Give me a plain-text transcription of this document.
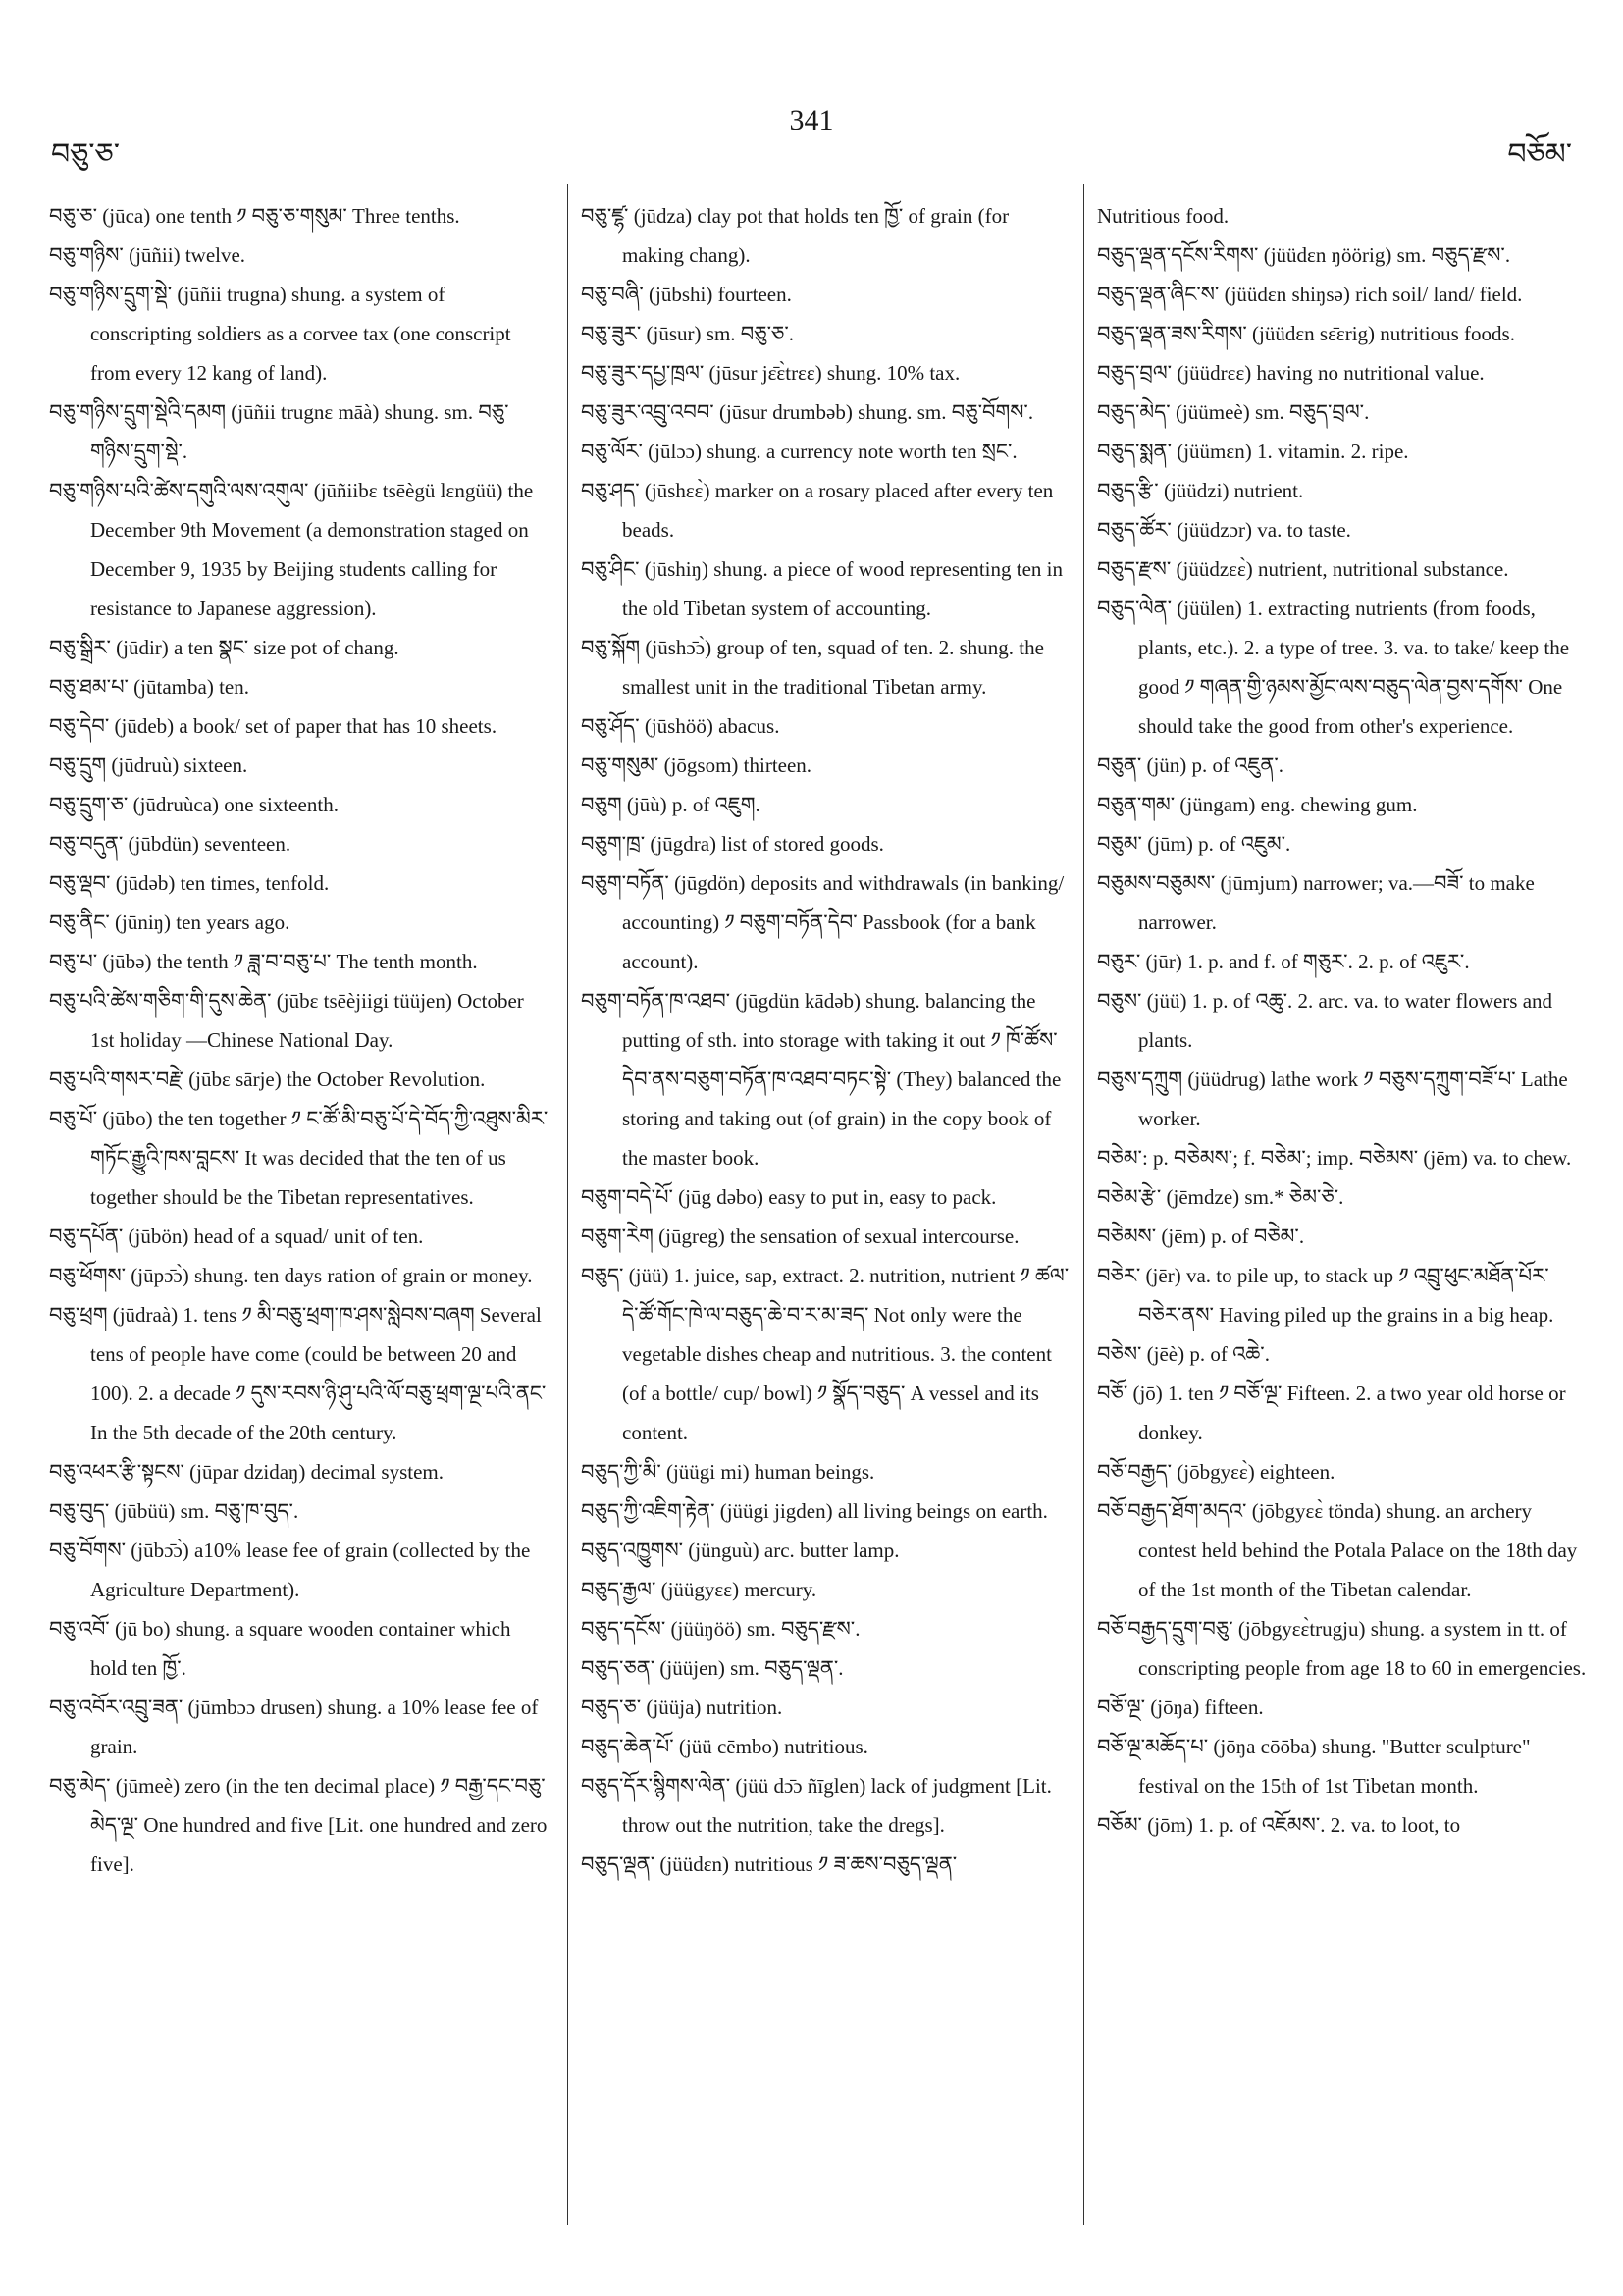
བཅུ་ཅ་
341
བཅོམ་
བཅུ་ཅ་ (jūca) one tenth ༡ བཅུ་ཅ་གསུམ་ Three tenths.
བཅུ་གཉིས་ (jūñii) twelve.
བཅུ་གཉིས་དྲུག་སྡེ་ (jūñii trugna) shung. a system of conscripting soldiers as a corvee tax (one conscript from every 12 kang of land).
བཅུ་གཉིས་དྲུག་སྡེའི་དམག (jūñii trugnɛ māà) shung. sm. བཅུ་གཉིས་དྲུག་སྡེ་.
བཅུ་གཉིས་པའི་ཚེས་དགུའི་ལས་འགུལ་ (jūñiibɛ tsēègü lɛngüü) the December 9th Movement (a demonstration staged on December 9, 1935 by Beijing students calling for resistance to Japanese aggression).
བཅུ་སྒྲིར་ (jūdir) a ten སྣང་ size pot of chang.
བཅུ་ཐམ་པ་ (jūtamba) ten.
བཅུ་དེབ་ (jūdeb) a book/ set of paper that has 10 sheets.
བཅུ་དྲུག (jūdruù) sixteen.
བཅུ་དྲུག་ཅ་ (jūdruùca) one sixteenth.
བཅུ་བདུན་ (jūbdün) seventeen.
བཅུ་ལྡབ་ (jūdəb) ten times, tenfold.
བཅུ་ནིང་ (jūniŋ) ten years ago.
བཅུ་པ་ (jūbə) the tenth ༡ ཟླ་བ་བཅུ་པ་ The tenth month.
བཅུ་པའི་ཚེས་གཅིག་གི་དུས་ཆེན་ (jūbɛ tsēèjiigi tüüjen) October 1st holiday —Chinese National Day.
བཅུ་པའི་གསར་བརྗེ་ (jūbɛ sārje) the October Revolution.
བཅུ་པོ་ (jūbo) the ten together ༡ ང་ཚོ་མི་བཅུ་པོ་དེ་བོད་ཀྱི་འཐུས་མིར་གཏོང་རྒྱུའི་ཁས་བླངས་ It was decided that the ten of us together should be the Tibetan representatives.
བཅུ་དཔོན་ (jūbön) head of a squad/ unit of ten.
བཅུ་ཕོགས་ (jūpɔ̄ɔ̀) shung. ten days ration of grain or money.
བཅུ་ཕྲག (jūdraà) 1. tens ༡ མི་བཅུ་ཕྲག་ཁ་ཤས་སླེབས་བཞག Several tens of people have come (could be between 20 and 100). 2. a decade ༡ དུས་རབས་ཉི་ཤུ་པའི་ལོ་བཅུ་ཕྲག་ལྔ་པའི་ནང་ In the 5th decade of the 20th century.
བཅུ་འཕར་རྩི་སྟངས་ (jūpar dzidaŋ) decimal system.
བཅུ་བུད་ (jūbüü) sm. བཅུ་ཁ་བུད་.
བཅུ་བོགས་ (jūbɔ̄ɔ̀) a10% lease fee of grain (collected by the Agriculture Department).
བཅུ་འབོ་ (jū bo) shung. a square wooden container which hold ten ཁྱོ་.
བཅུ་འབོར་འབྲུ་ཟན་ (jūmbɔɔ drusen) shung. a 10% lease fee of grain.
བཅུ་མེད་ (jūmeè) zero (in the ten decimal place) ༡ བརྒྱ་དང་བཅུ་མེད་ལྔ་ One hundred and five [Lit. one hundred and zero five].
བཅུ་ཛྷ་ (jūdza) clay pot that holds ten ཁྱོ་ of grain (for making chang).
བཅུ་བཞི་ (jūbshi) fourteen.
བཅུ་ཟུར་ (jūsur) sm. བཅུ་ཅ་.
བཅུ་ཟུར་དཔྱ་ཁྲལ་ (jūsur jɛ̄ɛ̀trɛɛ) shung. 10% tax.
བཅུ་ཟུར་འབྲུ་འབབ་ (jūsur drumbəb) shung. sm. བཅུ་བོགས་.
བཅུ་ལོར་ (jūlɔɔ) shung. a currency note worth ten སྲང་.
བཅུ་ཤད་ (jūshɛɛ̀) marker on a rosary placed after every ten beads.
བཅུ་ཤིང་ (jūshiŋ) shung. a piece of wood representing ten in the old Tibetan system of accounting.
བཅུ་སྐོག (jūshɔ̄ɔ̀) group of ten, squad of ten. 2. shung. the smallest unit in the traditional Tibetan army.
བཅུ་ཤོད་ (jūshöö) abacus.
བཅུ་གསུམ་ (jōgsom) thirteen.
བཅུག (jūù) p. of འཇུག.
བཅུག་ཁྲ་ (jūgdra) list of stored goods.
བཅུག་བཏོན་ (jūgdön) deposits and withdrawals (in banking/ accounting) ༡ བཅུག་བཏོན་དེབ་ Passbook (for a bank account).
བཅུག་བཏོན་ཁ་འཐབ་ (jūgdün kādəb) shung. balancing the putting of sth. into storage with taking it out ༡ ཁོ་ཚོས་དེབ་ནས་བཅུག་བཏོན་ཁ་འཐབ་བཏང་སྟེ་ (They) balanced the storing and taking out (of grain) in the copy book of the master book.
བཅུག་བདེ་པོ་ (jūg dəbo) easy to put in, easy to pack.
བཅུག་རེག (jūgreg) the sensation of sexual intercourse.
བཅུད་ (jüü) 1. juice, sap, extract. 2. nutrition, nutrient ༡ ཚལ་དེ་ཚོ་གོང་ཁེ་ལ་བཅུད་ཆེ་བ་ར་མ་ཟད་ Not only were the vegetable dishes cheap and nutritious. 3. the content (of a bottle/ cup/ bowl) ༡ སྣོད་བཅུད་ A vessel and its content.
བཅུད་ཀྱི་མི་ (jüügi mi) human beings.
བཅུད་ཀྱི་འཇིག་རྟེན་ (jüügi jigden) all living beings on earth.
བཅུད་འཁྱུགས་ (jünguù) arc. butter lamp.
བཅུད་རྒྱལ་ (jüügyɛɛ) mercury.
བཅུད་དངོས་ (jüüŋöö) sm. བཅུད་རྫས་.
བཅུད་ཅན་ (jüüjen) sm. བཅུད་ལྡན་.
བཅུད་ཅ་ (jüüja) nutrition.
བཅུད་ཆེན་པོ་ (jüü cēmbo) nutritious.
བཅུད་དོར་སྙིགས་ལེན་ (jüü dɔ̄ɔ ñīglen) lack of judgment [Lit. throw out the nutrition, take the dregs].
བཅུད་ལྡན་ (jüüdɛn) nutritious ༡ ཟ་ཆས་བཅུད་ལྡན་
Nutritious food.
བཅུད་ལྡན་དངོས་རིགས་ (jüüdɛn ŋöörig) sm. བཅུད་རྫས་.
བཅུད་ལྡན་ཞིང་ས་ (jüüdɛn shiŋsə) rich soil/ land/ field.
བཅུད་ལྡན་ཟས་རིགས་ (jüüdɛn sɛ̄ɛrig) nutritious foods.
བཅུད་བྲལ་ (jüüdrɛɛ) having no nutritional value.
བཅུད་མེད་ (jüümeè) sm. བཅུད་བྲལ་.
བཅུད་སྨན་ (jüümɛn) 1. vitamin. 2. ripe.
བཅུད་རྩི་ (jüüdzi) nutrient.
བཅུད་ཚོར་ (jüüdzɔr) va. to taste.
བཅུད་རྫས་ (jüüdzɛɛ̀) nutrient, nutritional substance.
བཅུད་ལེན་ (jüülen) 1. extracting nutrients (from foods, plants, etc.). 2. a type of tree. 3. va. to take/ keep the good ༡ གཞན་གྱི་ཉམས་མྱོང་ལས་བཅུད་ལེན་བྱས་དགོས་ One should take the good from other's experience.
བཅུན་ (jün) p. of འཇུན་.
བཅུན་གམ་ (jüngam) eng. chewing gum.
བཅུམ་ (jūm) p. of འཇུམ་.
བཅུམས་བཅུམས་ (jūmjum) narrower; va.—བཟོ་ to make narrower.
བཅུར་ (jūr) 1. p. and f. of གཅུར་. 2. p. of འཇུར་.
བཅུས་ (jüü) 1. p. of འཆུ་. 2. arc. va. to water flowers and plants.
བཅུས་དཀྲུག (jüüdrug) lathe work ༡ བཅུས་དཀྲུག་བཟོ་པ་ Lathe worker.
བཅེམ་: p. བཅེམས་; f. བཅེམ་; imp. བཅེམས་ (jēm) va. to chew.
བཅེམ་རྩེ་ (jēmdze) sm.* ཅེམ་ཅེ་.
བཅེམས་ (jēm) p. of བཅེམ་.
བཅེར་ (jēr) va. to pile up, to stack up ༡ འབྲུ་ཕུང་མཐོན་པོར་བཅེར་ནས་ Having piled up the grains in a big heap.
བཅེས་ (jēè) p. of འཆེ་.
བཅོ་ (jō) 1. ten ༡ བཅོ་ལྔ་ Fifteen. 2. a two year old horse or donkey.
བཅོ་བརྒྱད་ (jōbgyɛɛ̀) eighteen.
བཅོ་བརྒྱད་ཐོག་མདའ་ (jōbgyɛɛ̀ tönda) shung. an archery contest held behind the Potala Palace on the 18th day of the 1st month of the Tibetan calendar.
བཅོ་བརྒྱད་དྲུག་བཅུ་ (jōbgyɛɛ̀trugju) shung. a system in tt. of conscripting people from age 18 to 60 in emergencies.
བཅོ་ལྔ་ (jōŋa) fifteen.
བཅོ་ལྔ་མཆོད་པ་ (jōŋa cōōba) shung. "Butter sculpture" festival on the 15th of 1st Tibetan month.
བཅོམ་ (jōm) 1. p. of འཇོམས་. 2. va. to loot, to
